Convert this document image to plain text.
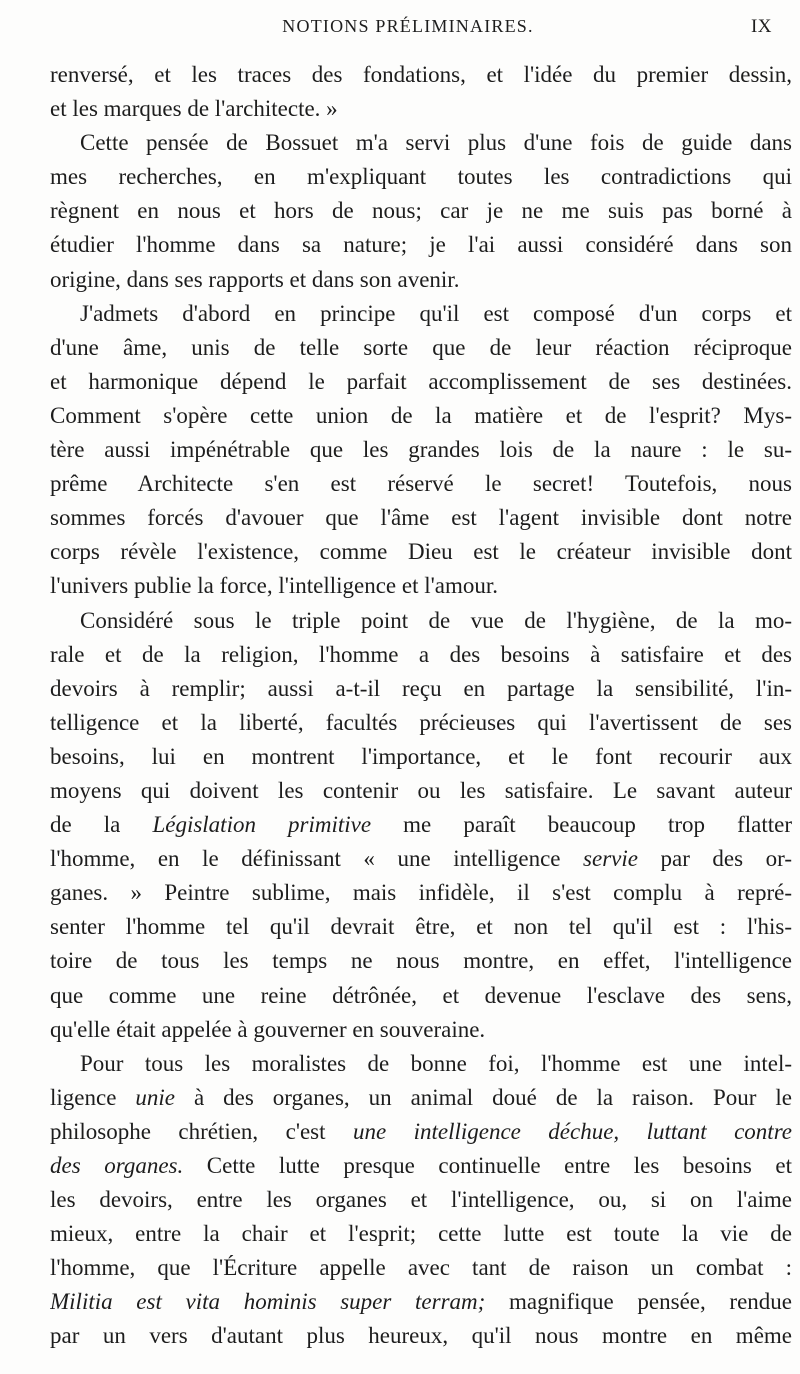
NOTIONS PRÉLIMINAIRES.	IX
renversé, et les traces des fondations, et l'idée du premier dessin,
et les marques de l'architecte. »
Cette pensée de Bossuet m'a servi plus d'une fois de guide dans
mes recherches, en m'expliquant toutes les contradictions qui
règnent en nous et hors de nous; car je ne me suis pas borné à
étudier l'homme dans sa nature; je l'ai aussi considéré dans son
origine, dans ses rapports et dans son avenir.
J'admets d'abord en principe qu'il est composé d'un corps et
d'une âme, unis de telle sorte que de leur réaction réciproque
et harmonique dépend le parfait accomplissement de ses destinées.
Comment s'opère cette union de la matière et de l'esprit? Mys-
tère aussi impénétrable que les grandes lois de la naure : le su-
prême Architecte s'en est réservé le secret! Toutefois, nous
sommes forcés d'avouer que l'âme est l'agent invisible dont notre
corps révèle l'existence, comme Dieu est le créateur invisible dont
l'univers publie la force, l'intelligence et l'amour.
Considéré sous le triple point de vue de l'hygiène, de la mo-
rale et de la religion, l'homme a des besoins à satisfaire et des
devoirs à remplir; aussi a-t-il reçu en partage la sensibilité, l'in-
telligence et la liberté, facultés précieuses qui l'avertissent de ses
besoins, lui en montrent l'importance, et le font recourir aux
moyens qui doivent les contenir ou les satisfaire. Le savant auteur
de la Législation primitive me paraît beaucoup trop flatter
l'homme, en le définissant « une intelligence servie par des or-
ganes. » Peintre sublime, mais infidèle, il s'est complu à repré-
senter l'homme tel qu'il devrait être, et non tel qu'il est : l'his-
toire de tous les temps ne nous montre, en effet, l'intelligence
que comme une reine détrônée, et devenue l'esclave des sens,
qu'elle était appelée à gouverner en souveraine.
Pour tous les moralistes de bonne foi, l'homme est une intel-
ligence unie à des organes, un animal doué de la raison. Pour le
philosophe chrétien, c'est une intelligence déchue, luttant contre
des organes. Cette lutte presque continuelle entre les besoins et
les devoirs, entre les organes et l'intelligence, ou, si on l'aime
mieux, entre la chair et l'esprit; cette lutte est toute la vie de
l'homme, que l'Écriture appelle avec tant de raison un combat :
Militia est vita hominis super terram; magnifique pensée, rendue
par un vers d'autant plus heureux, qu'il nous montre en même
